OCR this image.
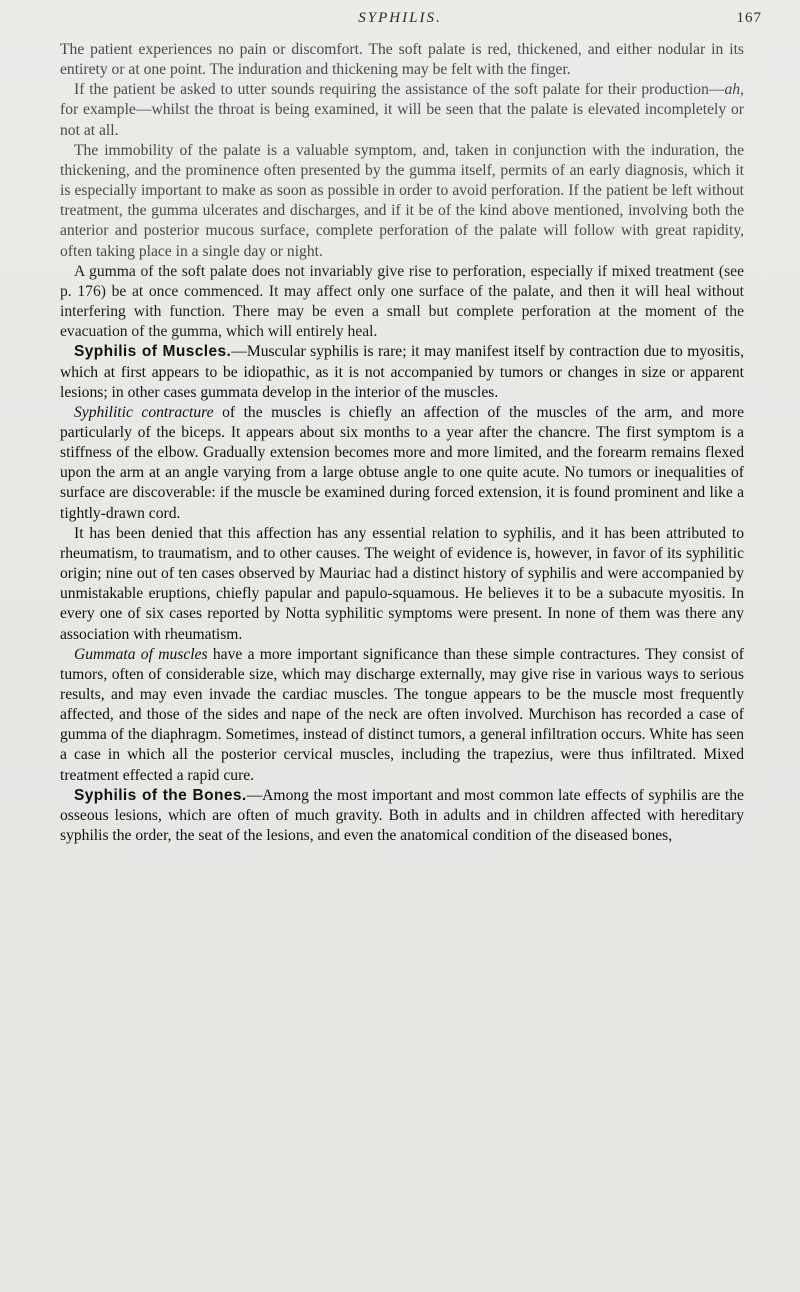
SYPHILIS.	167

The patient experiences no pain or discomfort. The soft palate is red, thickened, and either nodular in its entirety or at one point. The induration and thickening may be felt with the finger.

If the patient be asked to utter sounds requiring the assistance of the soft palate for their production—ah, for example—whilst the throat is being examined, it will be seen that the palate is elevated incompletely or not at all.

The immobility of the palate is a valuable symptom, and, taken in conjunction with the induration, the thickening, and the prominence often presented by the gumma itself, permits of an early diagnosis, which it is especially important to make as soon as possible in order to avoid perforation. If the patient be left without treatment, the gumma ulcerates and discharges, and if it be of the kind above mentioned, involving both the anterior and posterior mucous surface, complete perforation of the palate will follow with great rapidity, often taking place in a single day or night.

A gumma of the soft palate does not invariably give rise to perforation, especially if mixed treatment (see p. 176) be at once commenced. It may affect only one surface of the palate, and then it will heal without interfering with function. There may be even a small but complete perforation at the moment of the evacuation of the gumma, which will entirely heal.

Syphilis of Muscles.—Muscular syphilis is rare; it may manifest itself by contraction due to myositis, which at first appears to be idiopathic, as it is not accompanied by tumors or changes in size or apparent lesions; in other cases gummata develop in the interior of the muscles.

Syphilitic contracture of the muscles is chiefly an affection of the muscles of the arm, and more particularly of the biceps. It appears about six months to a year after the chancre. The first symptom is a stiffness of the elbow. Gradually extension becomes more and more limited, and the forearm remains flexed upon the arm at an angle varying from a large obtuse angle to one quite acute. No tumors or inequalities of surface are discoverable: if the muscle be examined during forced extension, it is found prominent and like a tightly-drawn cord.

It has been denied that this affection has any essential relation to syphilis, and it has been attributed to rheumatism, to traumatism, and to other causes. The weight of evidence is, however, in favor of its syphilitic origin; nine out of ten cases observed by Mauriac had a distinct history of syphilis and were accompanied by unmistakable eruptions, chiefly papular and papulo-squamous. He believes it to be a subacute myositis. In every one of six cases reported by Notta syphilitic symptoms were present. In none of them was there any association with rheumatism.

Gummata of muscles have a more important significance than these simple contractures. They consist of tumors, often of considerable size, which may discharge externally, may give rise in various ways to serious results, and may even invade the cardiac muscles. The tongue appears to be the muscle most frequently affected, and those of the sides and nape of the neck are often involved. Murchison has recorded a case of gumma of the diaphragm. Sometimes, instead of distinct tumors, a general infiltration occurs. White has seen a case in which all the posterior cervical muscles, including the trapezius, were thus infiltrated. Mixed treatment effected a rapid cure.

Syphilis of the Bones.—Among the most important and most common late effects of syphilis are the osseous lesions, which are often of much gravity. Both in adults and in children affected with hereditary syphilis the order, the seat of the lesions, and even the anatomical condition of the diseased bones,
